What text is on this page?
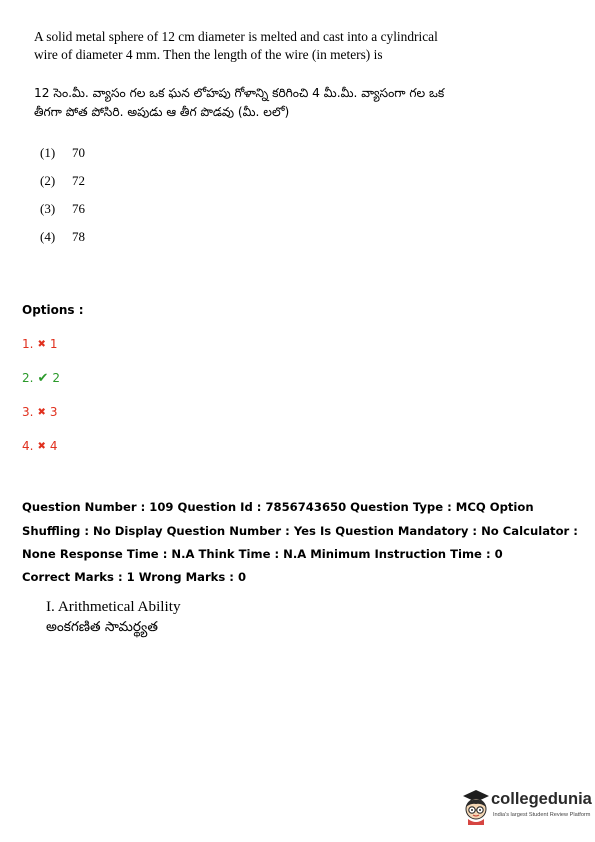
A solid metal sphere of 12 cm diameter is melted and cast into a cylindrical wire of diameter 4 mm. Then the length of the wire (in meters) is
12 సెం.మీ. వ్యాసం గల ఒక ఘన లోహపు గోళాన్ని కరిగించి 4 మీ.మీ. వ్యాసంగా గల ఒక తీగగా పోత పోసిరి. అపుడు ఆ తీగ పొడవు (మీ. లలో)
(1)	70
(2)	72
(3)	76
(4)	78
Options :
1. ✖ 1
2. ✔ 2
3. ✖ 3
4. ✖ 4
Question Number : 109 Question Id : 7856743650 Question Type : MCQ Option Shuffling : No Display Question Number : Yes Is Question Mandatory : No Calculator : None Response Time : N.A Think Time : N.A Minimum Instruction Time : 0
Correct Marks : 1 Wrong Marks : 0
I. Arithmetical Ability
అంకగణిత సామర్థ్యత
collegedunia
India's largest Student Review Platform
